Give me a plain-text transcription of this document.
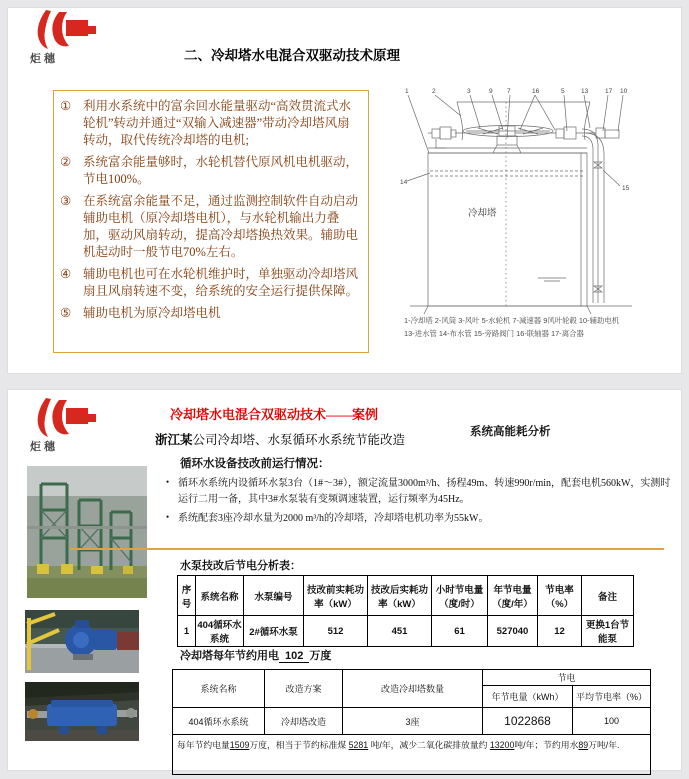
炬穗	二、冷却塔水电混合双驱动技术原理
① 利用水系统中的富余回水能量驱动“高效贯流式水轮机”转动并通过“双输入减速器”带动冷却塔风扇转动，取代传统冷却塔的电机;
② 系统富余能量够时，水轮机替代原风机电机驱动，节电100%。
③ 在系统富余能量不足，通过监测控制软件自动启动辅助电机（原冷却塔电机），与水轮机输出力叠加，驱动风扇转动，提高冷却塔换热效果。辅助电机起动时一般节电70%左右。
④ 辅助电机也可在水轮机维护时，单独驱动冷却塔风扇且风扇转速不变，给系统的安全运行提供保障。
⑤ 辅助电机为原冷却塔电机
1	2	3	9 7	16	5	13	17 10
14
15
冷却塔
1-冷却塔 2-风筒 3-风叶 5-水轮机 7-减速器 9风叶轮毂 10-辅助电机
13-进水管 14-布水管 15-旁路阀门 16-联轴器 17-离合器
炬穗
冷却塔水电混合双驱动技术——案例
浙江某公司冷却塔、水泵循环水系统节能改造
系统高能耗分析
循环水设备技改前运行情况：
• 循环水系统内设循环水泵3台（1#～3#），额定流量3000m³/h、扬程49m、转速990r/min，配套电机560kW，实测时运行二用一备，其中3#水泵装有变频调速装置，运行频率为45Hz。
• 系统配套3座冷却水量为2000 m³/h的冷却塔，冷却塔电机功率为55kW。
水泵技改后节电分析表：
序号	系统名称	水泵编号	技改前实耗功率（kW）	技改后实耗功率（kW）	小时节电量（度/时）	年节电量（度/年）	节电率（%）	备注
1	404循环水系统	2#循环水泵	512	451	61	527040	12	更换1台节能泵
冷却塔每年节约用电 102 万度
系统名称	改造方案	改造冷却塔数量	节电	
			年节电量（kWh）	平均节电率（%）
404循环水系统	冷却塔改造	3座	1022868	100
每年节约电量1509万度，相当于节约标准煤 5281 吨/年，减少二氧化碳排放量约 13200吨/年；节约用水89万吨/年.				
